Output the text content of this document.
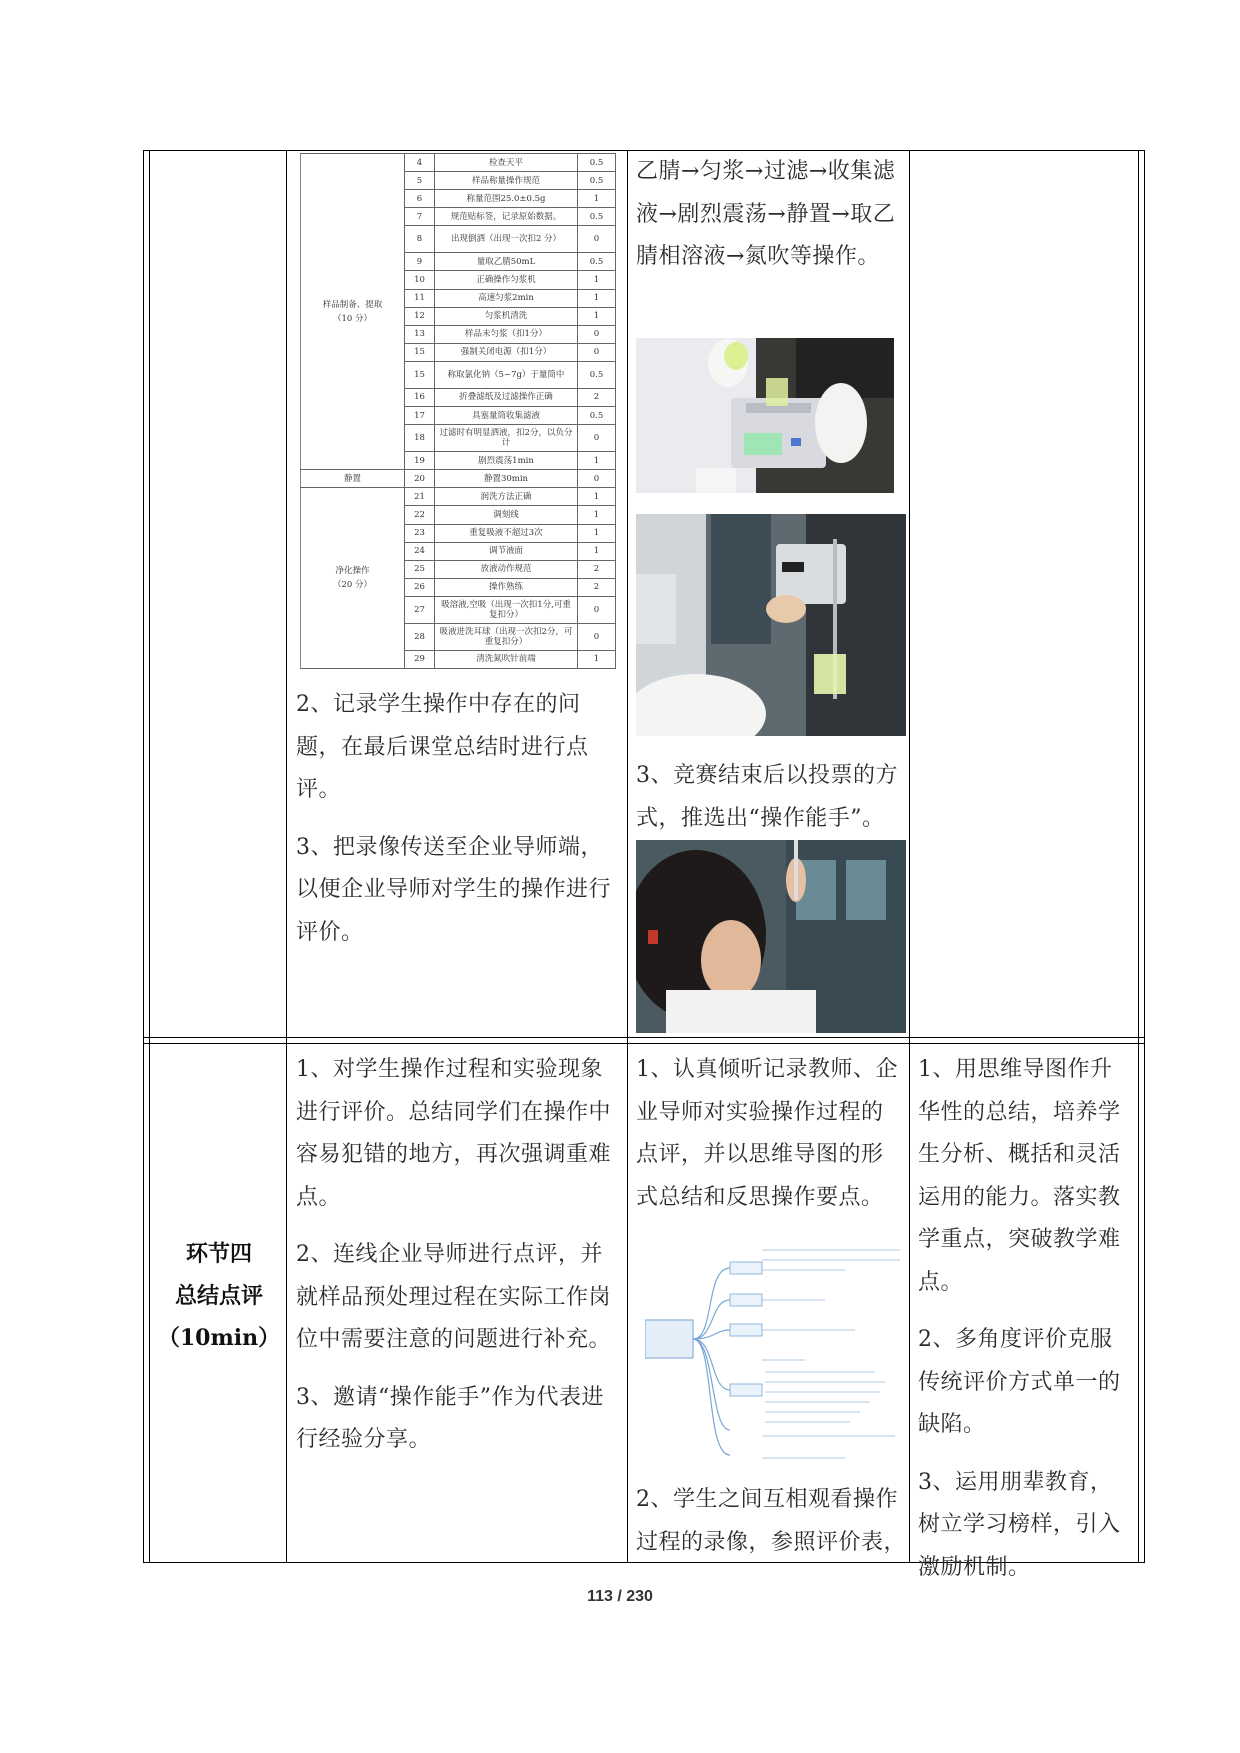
样品制备、提取
（10 分）	4	检查天平	0.5
	5	样品称量操作规范	0.5
	6	称量范围25.0±0.5g	1
	7	规范贴标签，记录原始数据。	0.5
	8	出现倒洒（出现一次扣2 分）	0
	9	量取乙腈50mL	0.5
	10	正确操作匀浆机	1
	11	高速匀浆2min	1
	12	匀浆机清洗	1
	13	样品未匀浆（扣1分）	0
	15	强制关闭电源（扣1分）	0
	15	称取氯化钠（5~7g）于量筒中	0.5
	16	折叠滤纸及过滤操作正确	2
	17	具塞量筒收集滤液	0.5
	18	过滤时有明显洒液，扣2分，以负分计	0
	19	剧烈震荡1min	1

静置	20	静置30min	0

净化操作
（20 分）	21	润洗方法正确	1
	22	调刻线	1
	23	重复吸液不超过3次	1
	24	调节液面	1
	25	放液动作规范	2
	26	操作熟练	2
	27	吸溶液,空吸（出现一次扣1分,可重复扣分）	0
	28	吸液进洗耳球（出现一次扣2分，可重复扣分）	0
	29	清洗氮吹针前端	1

2、记录学生操作中存在的问题，在最后课堂总结时进行点评。

3、把录像传送至企业导师端，以便企业导师对学生的操作进行评价。

乙腈→匀浆→过滤→收集滤液→剧烈震荡→静置→取乙腈相溶液→氮吹等操作。

3、竞赛结束后以投票的方式，推选出“操作能手”。

环节四
总结点评
（10min）

1、对学生操作过程和实验现象进行评价。总结同学们在操作中容易犯错的地方，再次强调重难点。

2、连线企业导师进行点评，并就样品预处理过程在实际工作岗位中需要注意的问题进行补充。

3、邀请“操作能手”作为代表进行经验分享。

1、认真倾听记录教师、企业导师对实验操作过程的点评，并以思维导图的形式总结和反思操作要点。

2、学生之间互相观看操作过程的录像，参照评价表，

1、用思维导图作升华性的总结，培养学生分析、概括和灵活运用的能力。落实教学重点，突破教学难点。

2、多角度评价克服传统评价方式单一的缺陷。

3、运用朋辈教育，树立学习榜样，引入激励机制。

113 / 230
